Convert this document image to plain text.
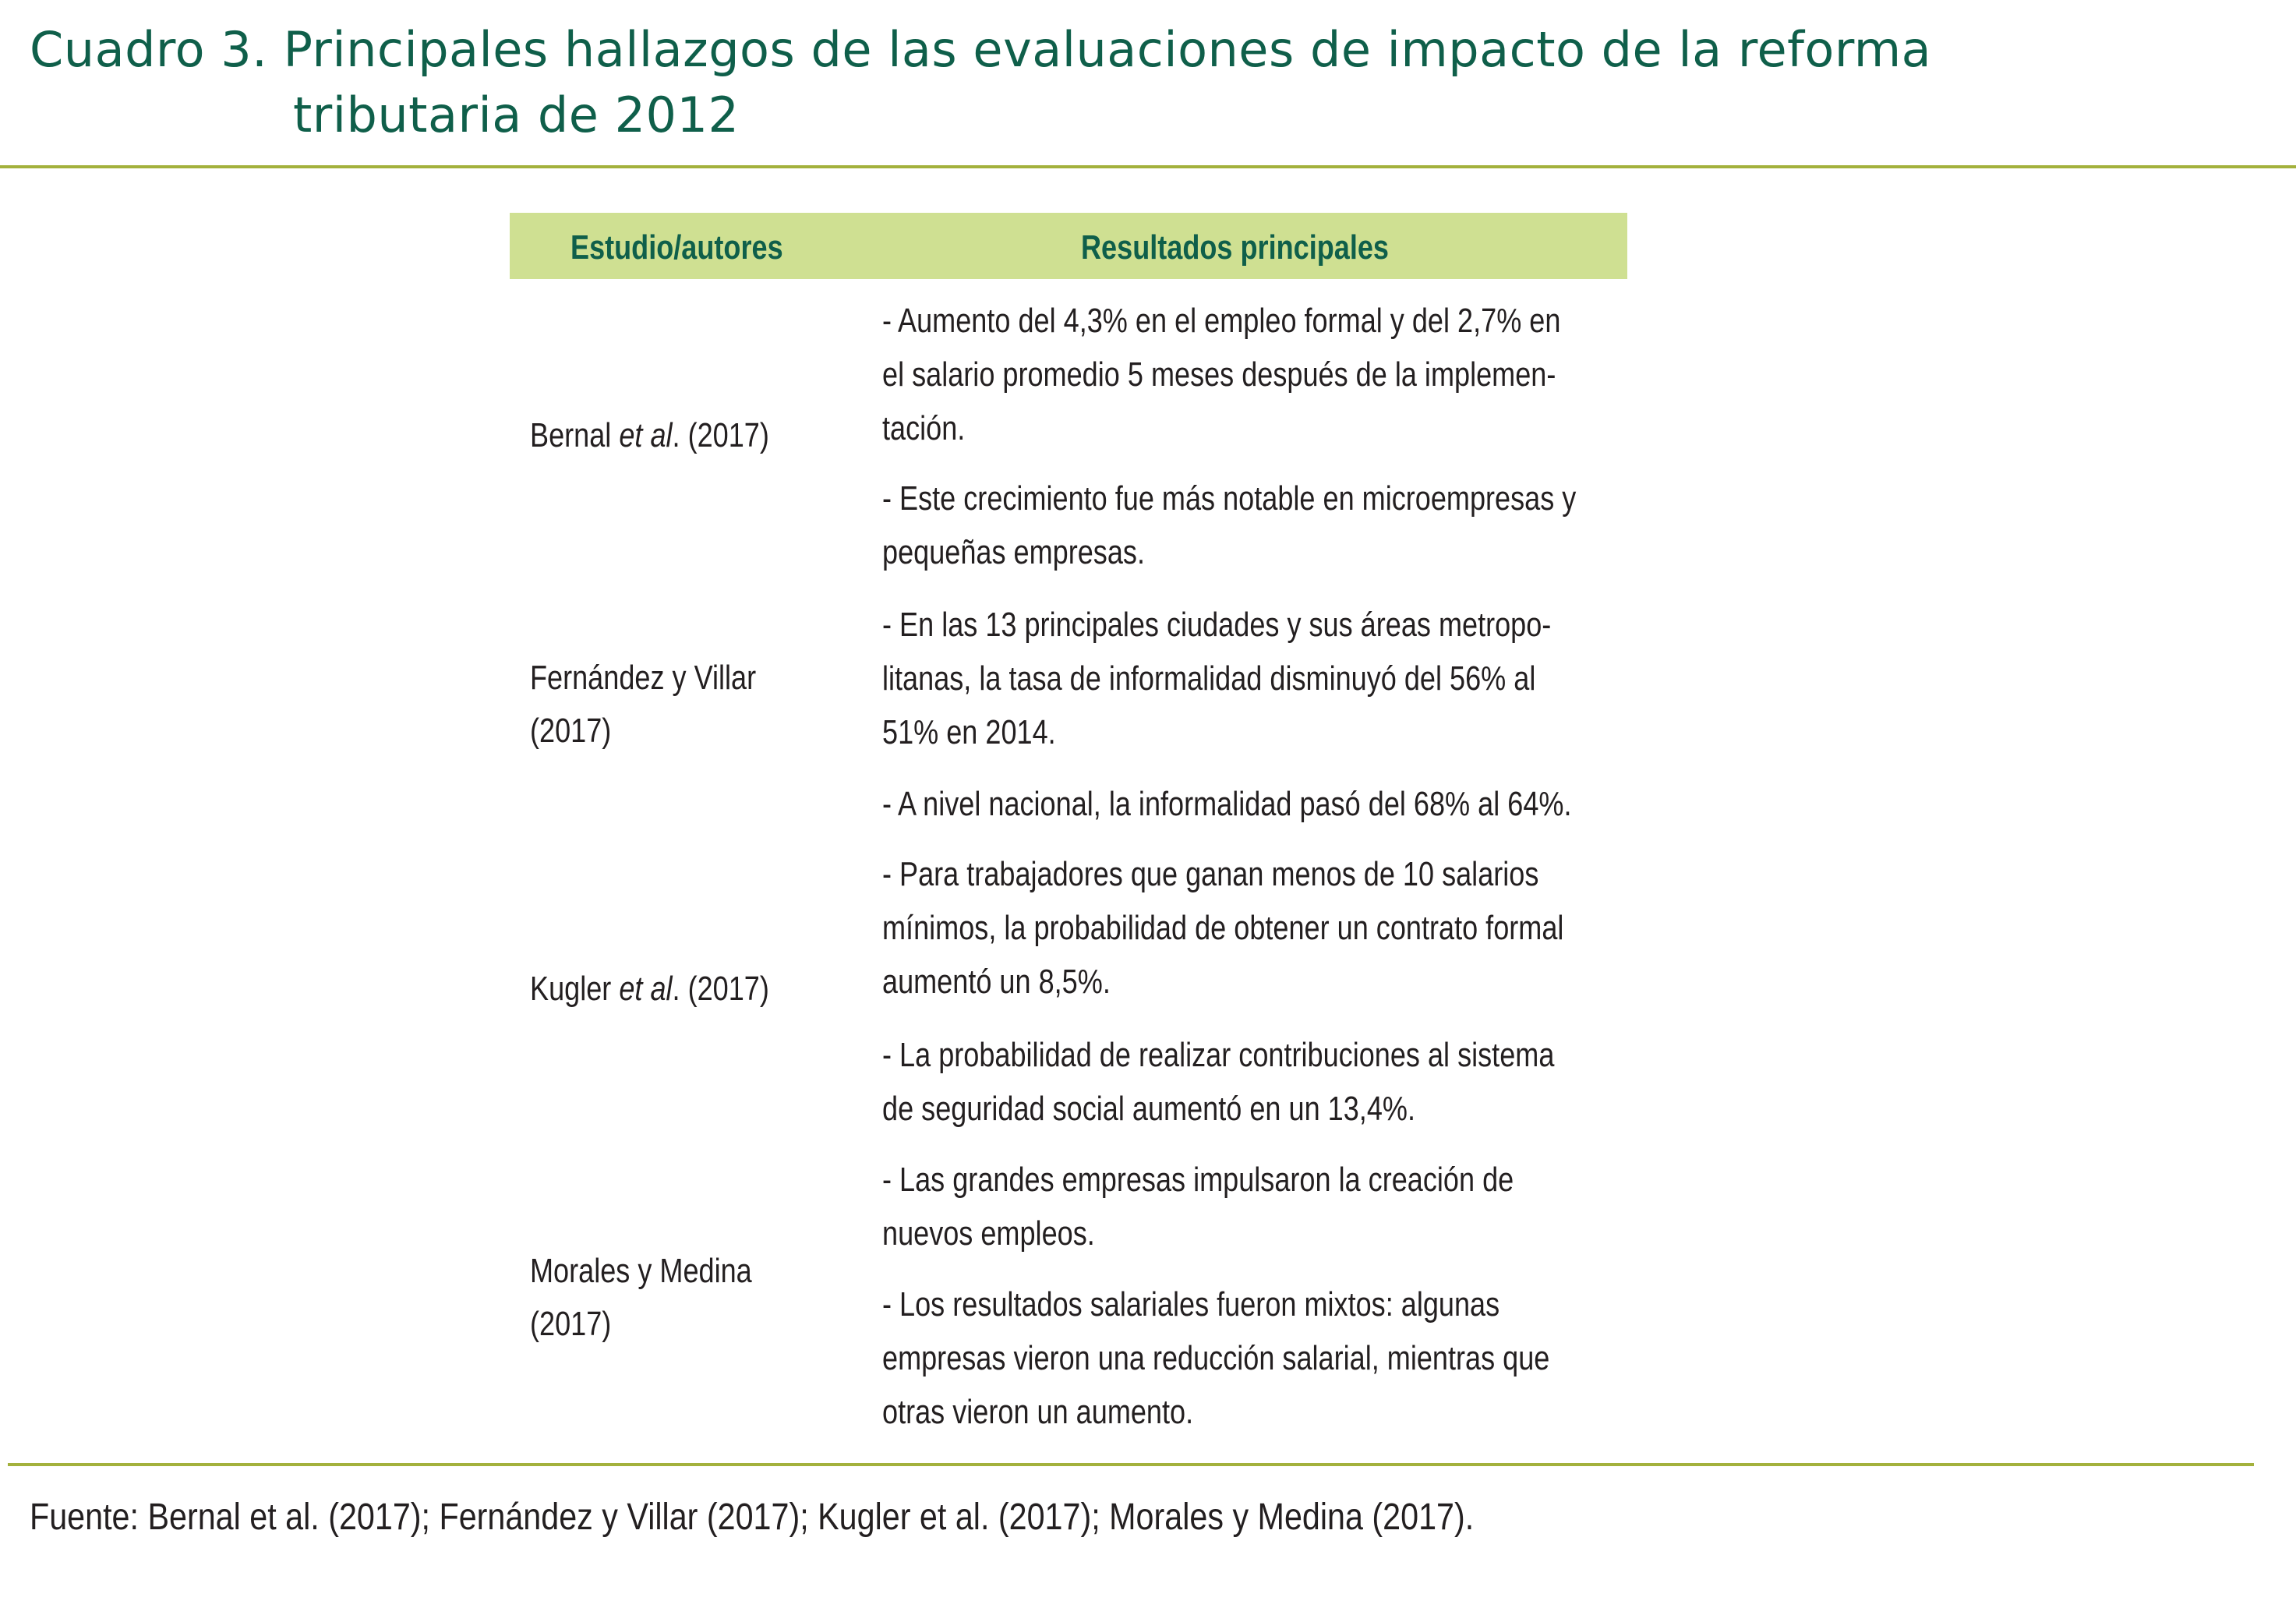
Cuadro 3. Principales hallazgos de las evaluaciones de impacto de la reforma
tributaria de 2012
Estudio/autores	Resultados principales
Bernal et al. (2017)

- Aumento del 4,3% en el empleo formal y del 2,7% en

el salario promedio 5 meses después de la implemen-

tación.

- Este crecimiento fue más notable en microempresas y

pequeñas empresas.

Fernández y Villar
(2017)

- En las 13 principales ciudades y sus áreas metropo-

litanas, la tasa de informalidad disminuyó del 56% al

51% en 2014.

- A nivel nacional, la informalidad pasó del 68% al 64%.

Kugler et al. (2017)

- Para trabajadores que ganan menos de 10 salarios

mínimos, la probabilidad de obtener un contrato formal

aumentó un 8,5%.

- La probabilidad de realizar contribuciones al sistema

de seguridad social aumentó en un 13,4%.

Morales y Medina
(2017)

- Las grandes empresas impulsaron la creación de

nuevos empleos.

- Los resultados salariales fueron mixtos: algunas

empresas vieron una reducción salarial, mientras que

otras vieron un aumento.

Fuente: Bernal et al. (2017); Fernández y Villar (2017); Kugler et al. (2017); Morales y Medina (2017).
